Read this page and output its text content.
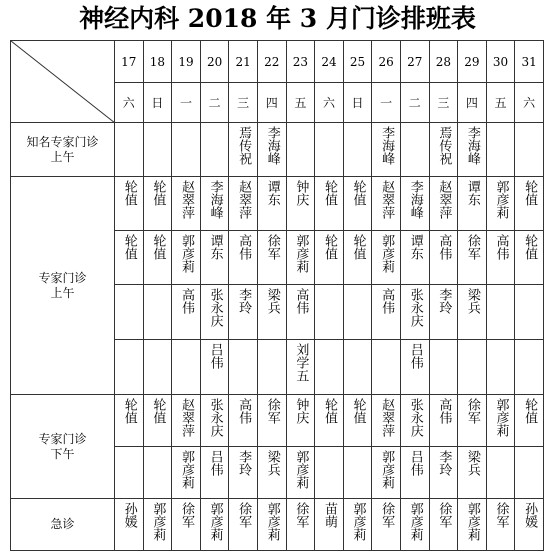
神经内科 2018 年 3 月门诊排班表
	17	18	19	20	21	22	23	24	25	26	27	28	29	30	31
	六	日	一	二	三	四	五	六	日	一	二	三	四	五	六
知名专家门诊
上午					焉传祝	李海峰				李海峰		焉传祝	李海峰		
专家门诊
上午	轮值	轮值	赵翠萍	李海峰	赵翠萍	谭东	钟庆	轮值	轮值	赵翠萍	李海峰	赵翠萍	谭东	郭彦莉	轮值
	轮值	轮值	郭彦莉	谭东	高伟	徐军	郭彦莉	轮值	轮值	郭彦莉	谭东	高伟	徐军	高伟	轮值
			高伟	张永庆	李玲	梁兵	高伟			高伟	张永庆	李玲	梁兵		
				吕伟			刘学五				吕伟				
专家门诊
下午	轮值	轮值	赵翠萍	张永庆	高伟	徐军	钟庆	轮值	轮值	赵翠萍	张永庆	高伟	徐军	郭彦莉	轮值
			郭彦莉	吕伟	李玲	梁兵	郭彦莉			郭彦莉	吕伟	李玲	梁兵		
急诊	孙媛	郭彦莉	徐军	郭彦莉	徐军	郭彦莉	徐军	苗萌	郭彦莉	徐军	郭彦莉	徐军	郭彦莉	徐军	孙媛
